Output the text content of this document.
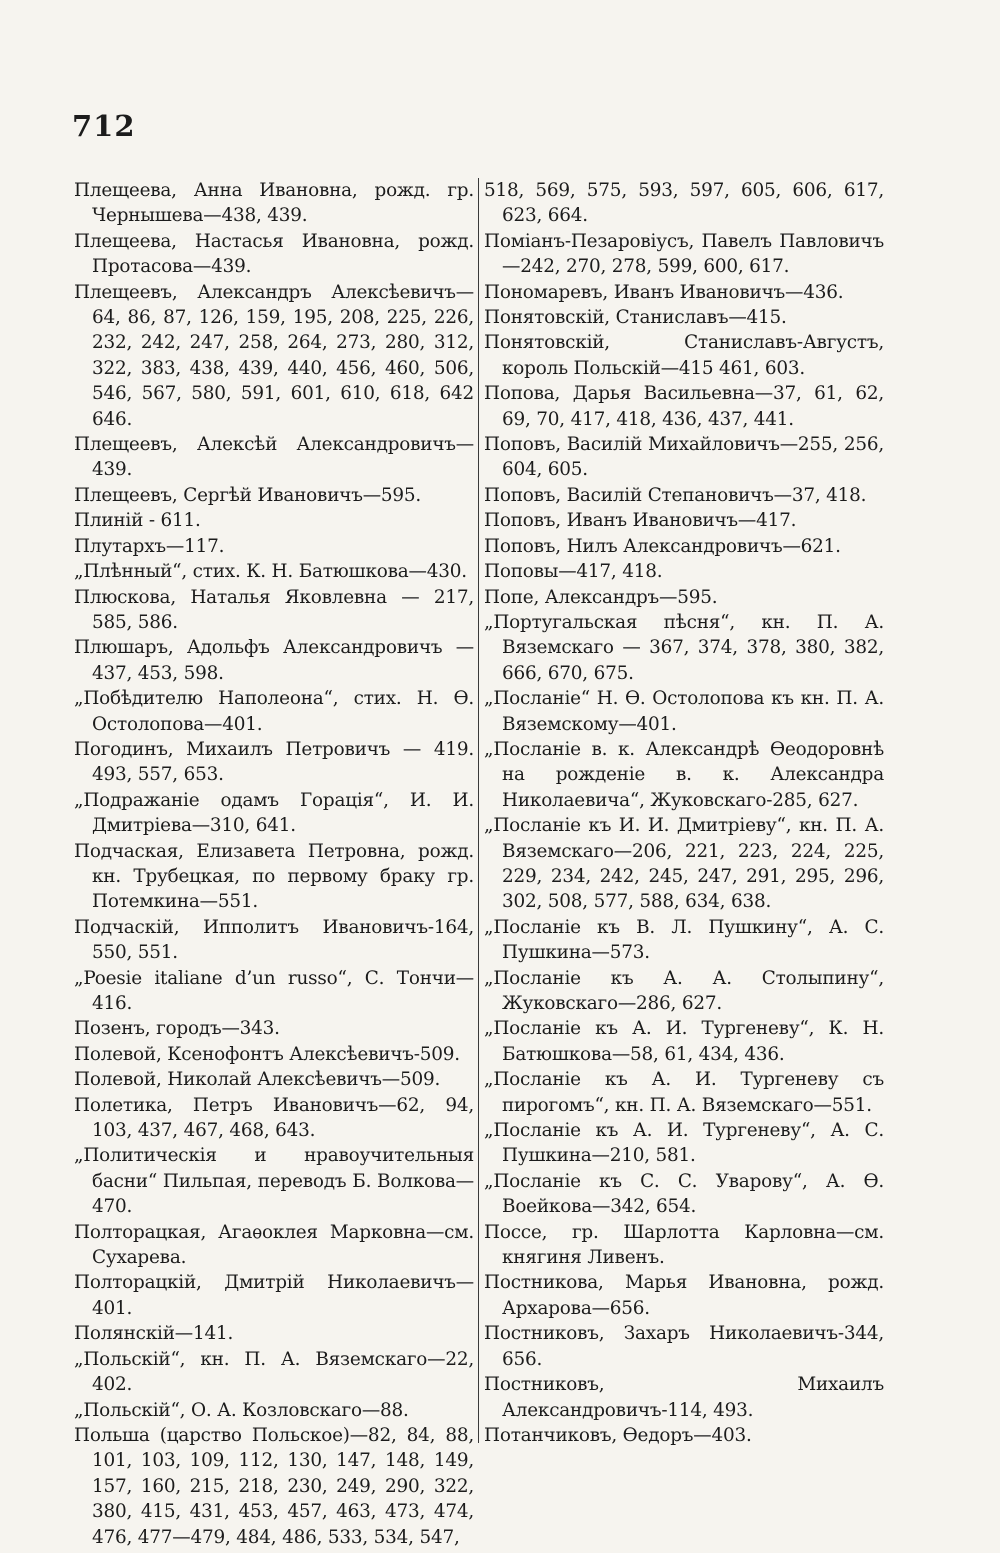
712

Плещеева, Анна Ивановна, рожд. гр. Чернышева—438, 439.

Плещеева, Настасья Ивановна, рожд. Протасова—439.

Плещеевъ, Александръ Алексѣевичъ—64, 86, 87, 126, 159, 195, 208, 225, 226, 232, 242, 247, 258, 264, 273, 280, 312, 322, 383, 438, 439, 440, 456, 460, 506, 546, 567, 580, 591, 601, 610, 618, 642 646.

Плещеевъ, Алексѣй Александровичъ—439.

Плещеевъ, Сергѣй Ивановичъ—595.

Плиній - 611.

Плутархъ—117.

„Плѣнный“, стих. К. Н. Батюшкова—430.

Плюскова, Наталья Яковлевна — 217, 585, 586.

Плюшаръ, Адольфъ Александровичъ — 437, 453, 598.

„Побѣдителю Наполеона“, стих. Н. Ѳ. Остолопова—401.

Погодинъ, Михаилъ Петровичъ — 419. 493, 557, 653.

„Подражаніе одамъ Горація“, И. И. Дмитріева—310, 641.

Подчаская, Елизавета Петровна, рожд. кн. Трубецкая, по первому браку гр. Потемкина—551.

Подчаскій, Ипполитъ Ивановичъ-164, 550, 551.

„Poesie italiane d’un russo“, С. Тончи—416.

Позенъ, городъ—343.

Полевой, Ксенофонтъ Алексѣевичъ-509.

Полевой, Николай Алексѣевичъ—509.

Полетика, Петръ Ивановичъ—62, 94, 103, 437, 467, 468, 643.

„Политическія и нравоучительныя басни“ Пильпая, переводъ Б. Волкова—470.

Полторацкая, Агаѳоклея Марковна—см. Сухарева.

Полторацкій, Дмитрій Николаевичъ—401.

Полянскій—141.

„Польскій“, кн. П. А. Вяземскаго—22, 402.

„Польскій“, О. А. Козловскаго—88.

Польша (царство Польское)—82, 84, 88, 101, 103, 109, 112, 130, 147, 148, 149, 157, 160, 215, 218, 230, 249, 290, 322, 380, 415, 431, 453, 457, 463, 473, 474, 476, 477—479, 484, 486, 533, 534, 547,

518, 569, 575, 593, 597, 605, 606, 617, 623, 664.

Поміанъ-Пезаровіусъ, Павелъ Павловичъ—242, 270, 278, 599, 600, 617.

Пономаревъ, Иванъ Ивановичъ—436.

Понятовскій, Станиславъ—415.

Понятовскій, Станиславъ-Августъ, король Польскій—415 461, 603.

Попова, Дарья Васильевна—37, 61, 62, 69, 70, 417, 418, 436, 437, 441.

Поповъ, Василій Михайловичъ—255, 256, 604, 605.

Поповъ, Василій Степановичъ—37, 418.

Поповъ, Иванъ Ивановичъ—417.

Поповъ, Нилъ Александровичъ—621.

Поповы—417, 418.

Попе, Александръ—595.

„Португальская пѣсня“, кн. П. А. Вяземскаго — 367, 374, 378, 380, 382, 666, 670, 675.

„Посланіе“ Н. Ѳ. Остолопова къ кн. П. А. Вяземскому—401.

„Посланіе в. к. Александрѣ Ѳеодоровнѣ на рожденіе в. к. Александра Николаевича“, Жуковскаго-285, 627.

„Посланіе къ И. И. Дмитріеву“, кн. П. А. Вяземскаго—206, 221, 223, 224, 225, 229, 234, 242, 245, 247, 291, 295, 296, 302, 508, 577, 588, 634, 638.

„Посланіе къ В. Л. Пушкину“, А. С. Пушкина—573.

„Посланіе къ А. А. Столыпину“, Жуковскаго—286, 627.

„Посланіе къ А. И. Тургеневу“, К. Н. Батюшкова—58, 61, 434, 436.

„Посланіе къ А. И. Тургеневу съ пирогомъ“, кн. П. А. Вяземскаго—551.

„Посланіе къ А. И. Тургеневу“, А. С. Пушкина—210, 581.

„Посланіе къ С. С. Уварову“, А. Ѳ. Воейкова—342, 654.

Поссе, гр. Шарлотта Карловна—см. княгиня Ливенъ.

Постникова, Марья Ивановна, рожд. Архарова—656.

Постниковъ, Захаръ Николаевичъ-344, 656.

Постниковъ, Михаилъ Александровичъ-114, 493.

Потанчиковъ, Ѳедоръ—403.
